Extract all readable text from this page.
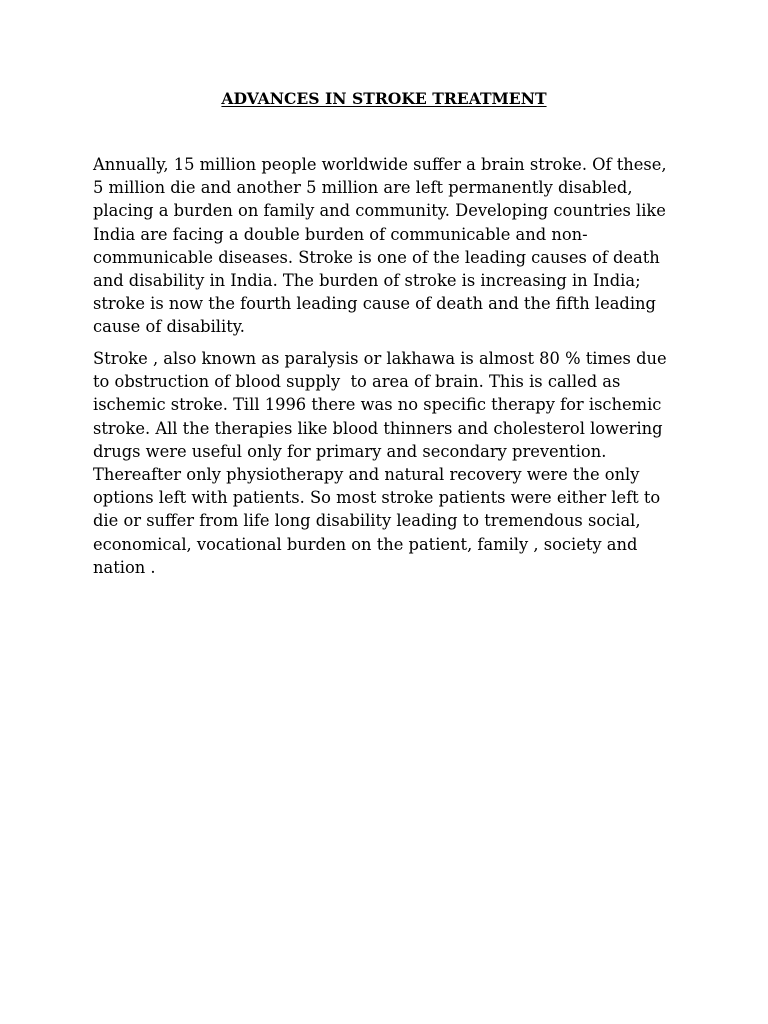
ADVANCES IN STROKE TREATMENT

Annually, 15 million people worldwide suffer a brain stroke. Of these,
5 million die and another 5 million are left permanently disabled,
placing a burden on family and community. Developing countries like
India are facing a double burden of communicable and non-
communicable diseases. Stroke is one of the leading causes of death
and disability in India. The burden of stroke is increasing in India;
stroke is now the fourth leading cause of death and the fifth leading
cause of disability.

Stroke , also known as paralysis or lakhawa is almost 80 % times due
to obstruction of blood supply  to area of brain. This is called as
ischemic stroke. Till 1996 there was no specific therapy for ischemic
stroke. All the therapies like blood thinners and cholesterol lowering
drugs were useful only for primary and secondary prevention.
Thereafter only physiotherapy and natural recovery were the only
options left with patients. So most stroke patients were either left to
die or suffer from life long disability leading to tremendous social,
economical, vocational burden on the patient, family , society and
nation .
